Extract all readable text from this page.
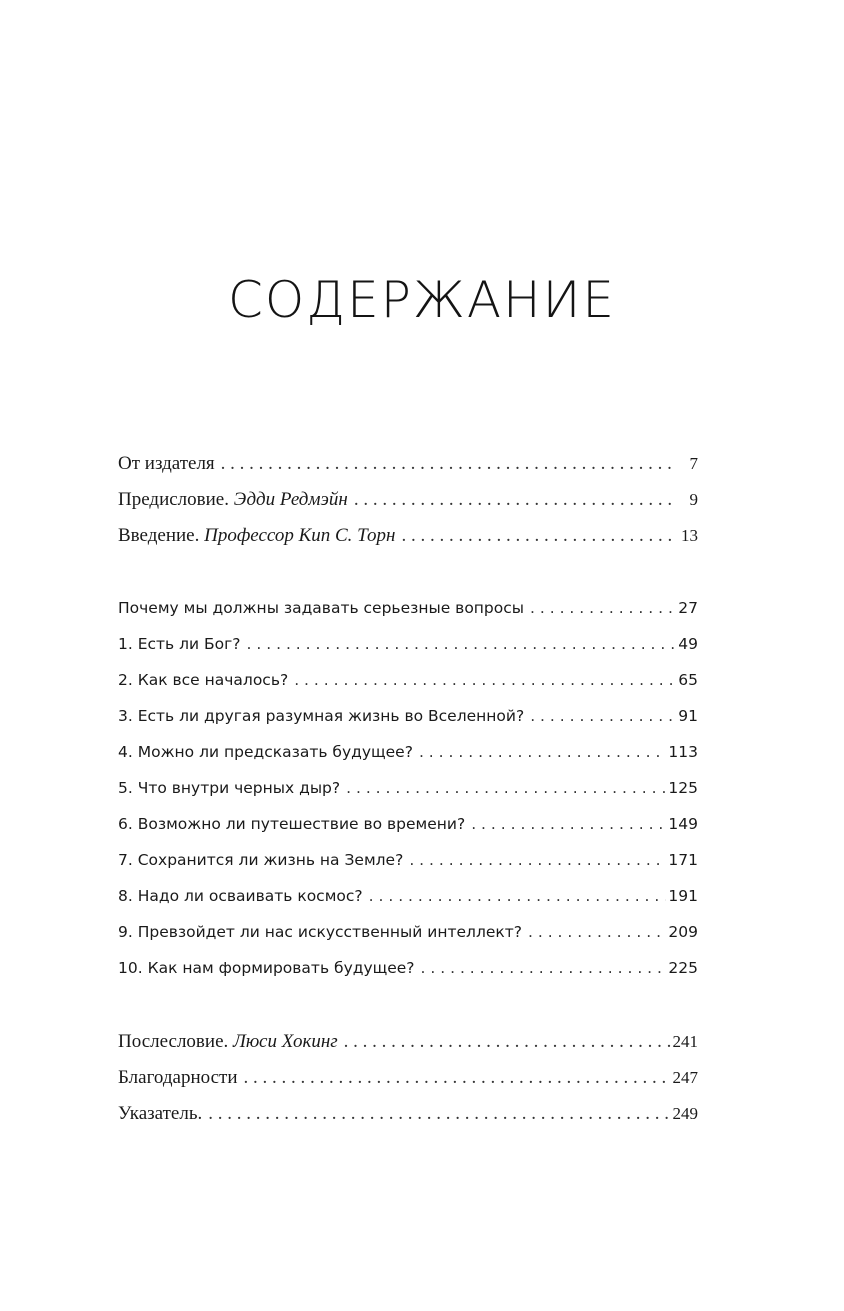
СОДЕРЖАНИЕ
От издателя . . .	7
Предисловие. Эдди Редмэйн . . .	9
Введение. Профессор Кип С. Торн . . .	13
Почему мы должны задавать серьезные вопросы . . .	27
1. Есть ли Бог? . . .	49
2. Как все началось? . . .	65
3. Есть ли другая разумная жизнь во Вселенной? . . .	91
4. Можно ли предсказать будущее? . . .	113
5. Что внутри черных дыр? . . .	125
6. Возможно ли путешествие во времени? . . .	149
7. Сохранится ли жизнь на Земле? . . .	171
8. Надо ли осваивать космос? . . .	191
9. Превзойдет ли нас искусственный интеллект? . . .	209
10. Как нам формировать будущее? . . .	225
Послесловие. Люси Хокинг . . .	241
Благодарности . . .	247
Указатель. . . .	249
